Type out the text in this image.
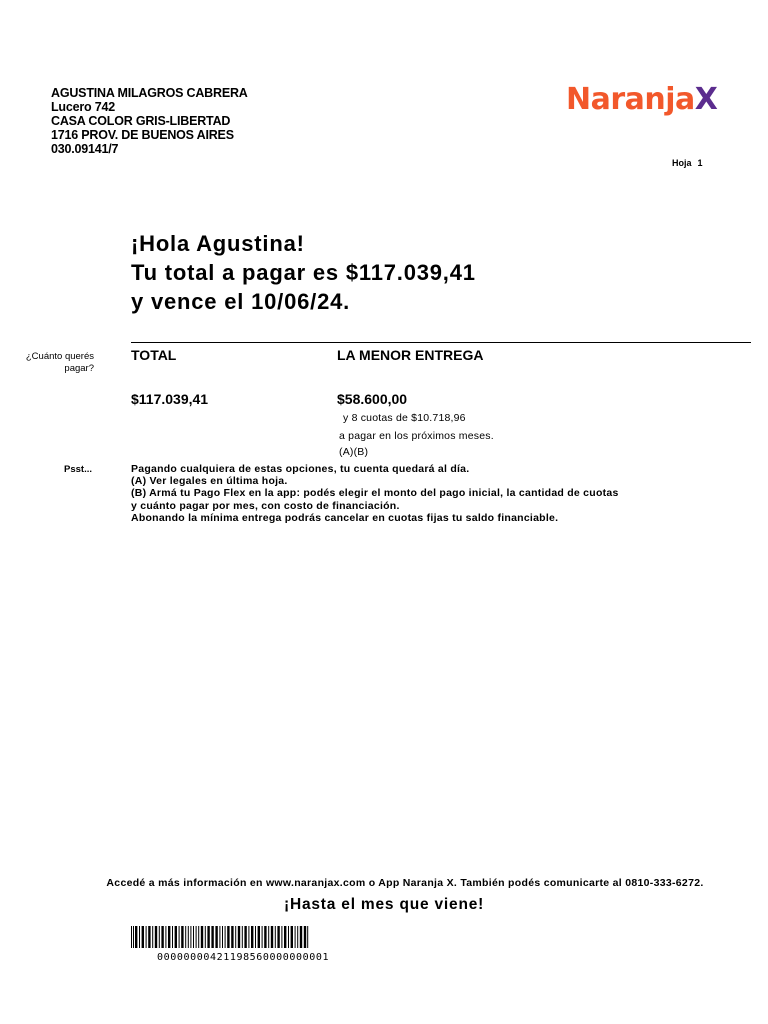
AGUSTINA MILAGROS CABRERA
Lucero 742
CASA COLOR GRIS-LIBERTAD
1716 PROV. DE BUENOS AIRES
030.09141/7
NaranjaX
Hoja 1
¡Hola Agustina!
Tu total a pagar es $117.039,41
y vence el 10/06/24.
¿Cuánto querés pagar?
TOTAL	LA MENOR ENTREGA
$117.039,41	$58.600,00
y 8 cuotas de $10.718,96
a pagar en los próximos meses.
(A)(B)
Psst...	Pagando cualquiera de estas opciones, tu cuenta quedará al día.
(A) Ver legales en última hoja.
(B) Armá tu Pago Flex en la app: podés elegir el monto del pago inicial, la cantidad de cuotas
y cuánto pagar por mes, con costo de financiación.
Abonando la mínima entrega podrás cancelar en cuotas fijas tu saldo financiable.
Accedé a más información en www.naranjax.com o App Naranja X. También podés comunicarte al 0810-333-6272.
¡Hasta el mes que viene!
00000000421198560000000001
